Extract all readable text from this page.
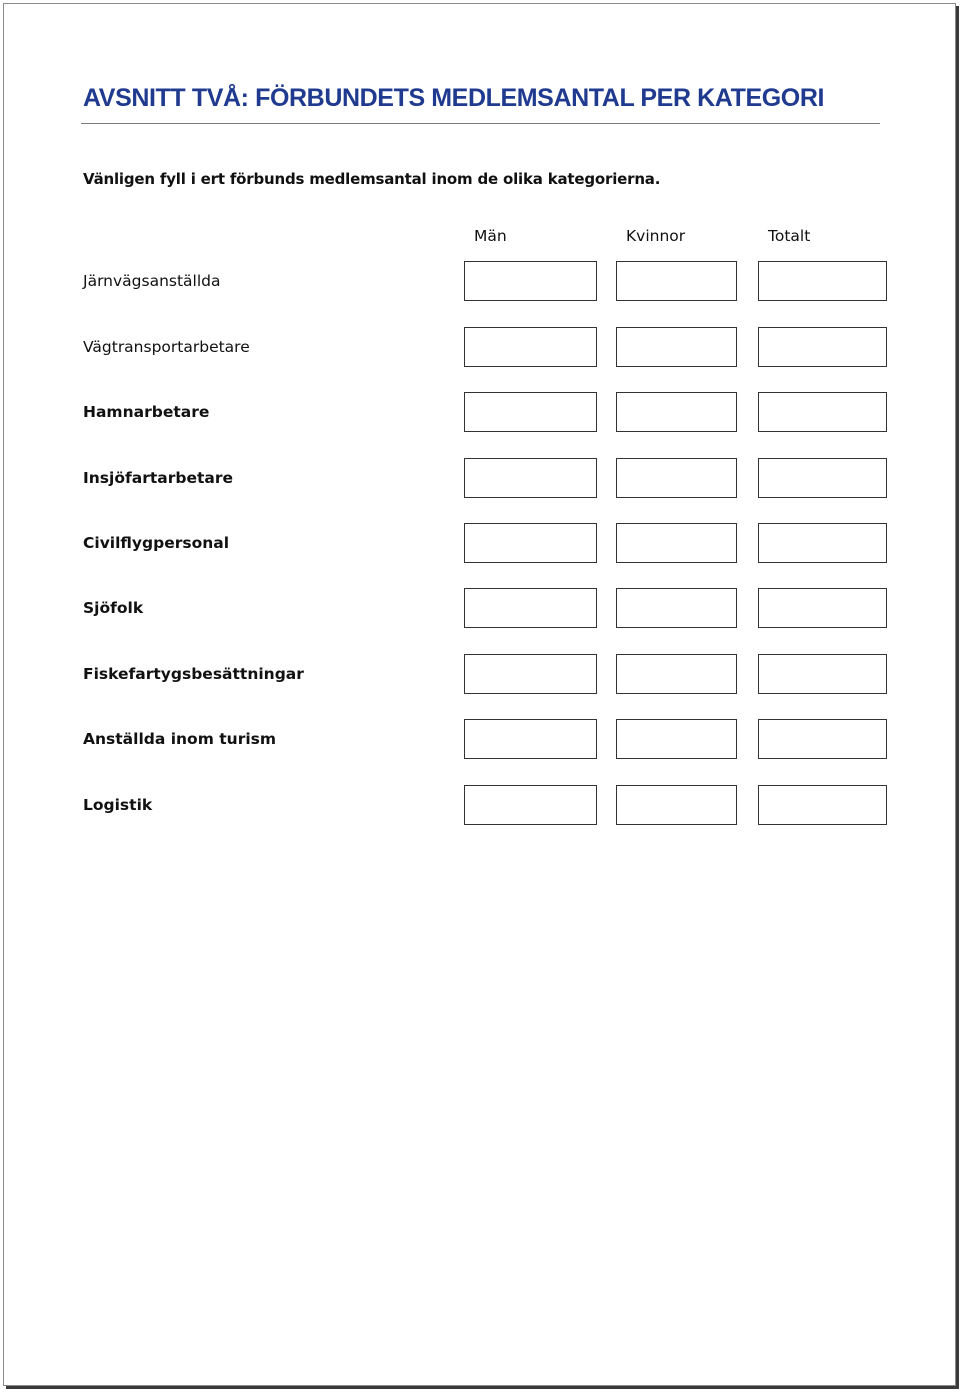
AVSNITT TVÅ: FÖRBUNDETS MEDLEMSANTAL PER KATEGORI
Vänligen fyll i ert förbunds medlemsantal inom de olika kategorierna.
Män	Kvinnor	Totalt
Järnvägsanställda
Vägtransportarbetare
Hamnarbetare
Insjöfartarbetare
Civilflygpersonal
Sjöfolk
Fiskefartygsbesättningar
Anställda inom turism
Logistik
